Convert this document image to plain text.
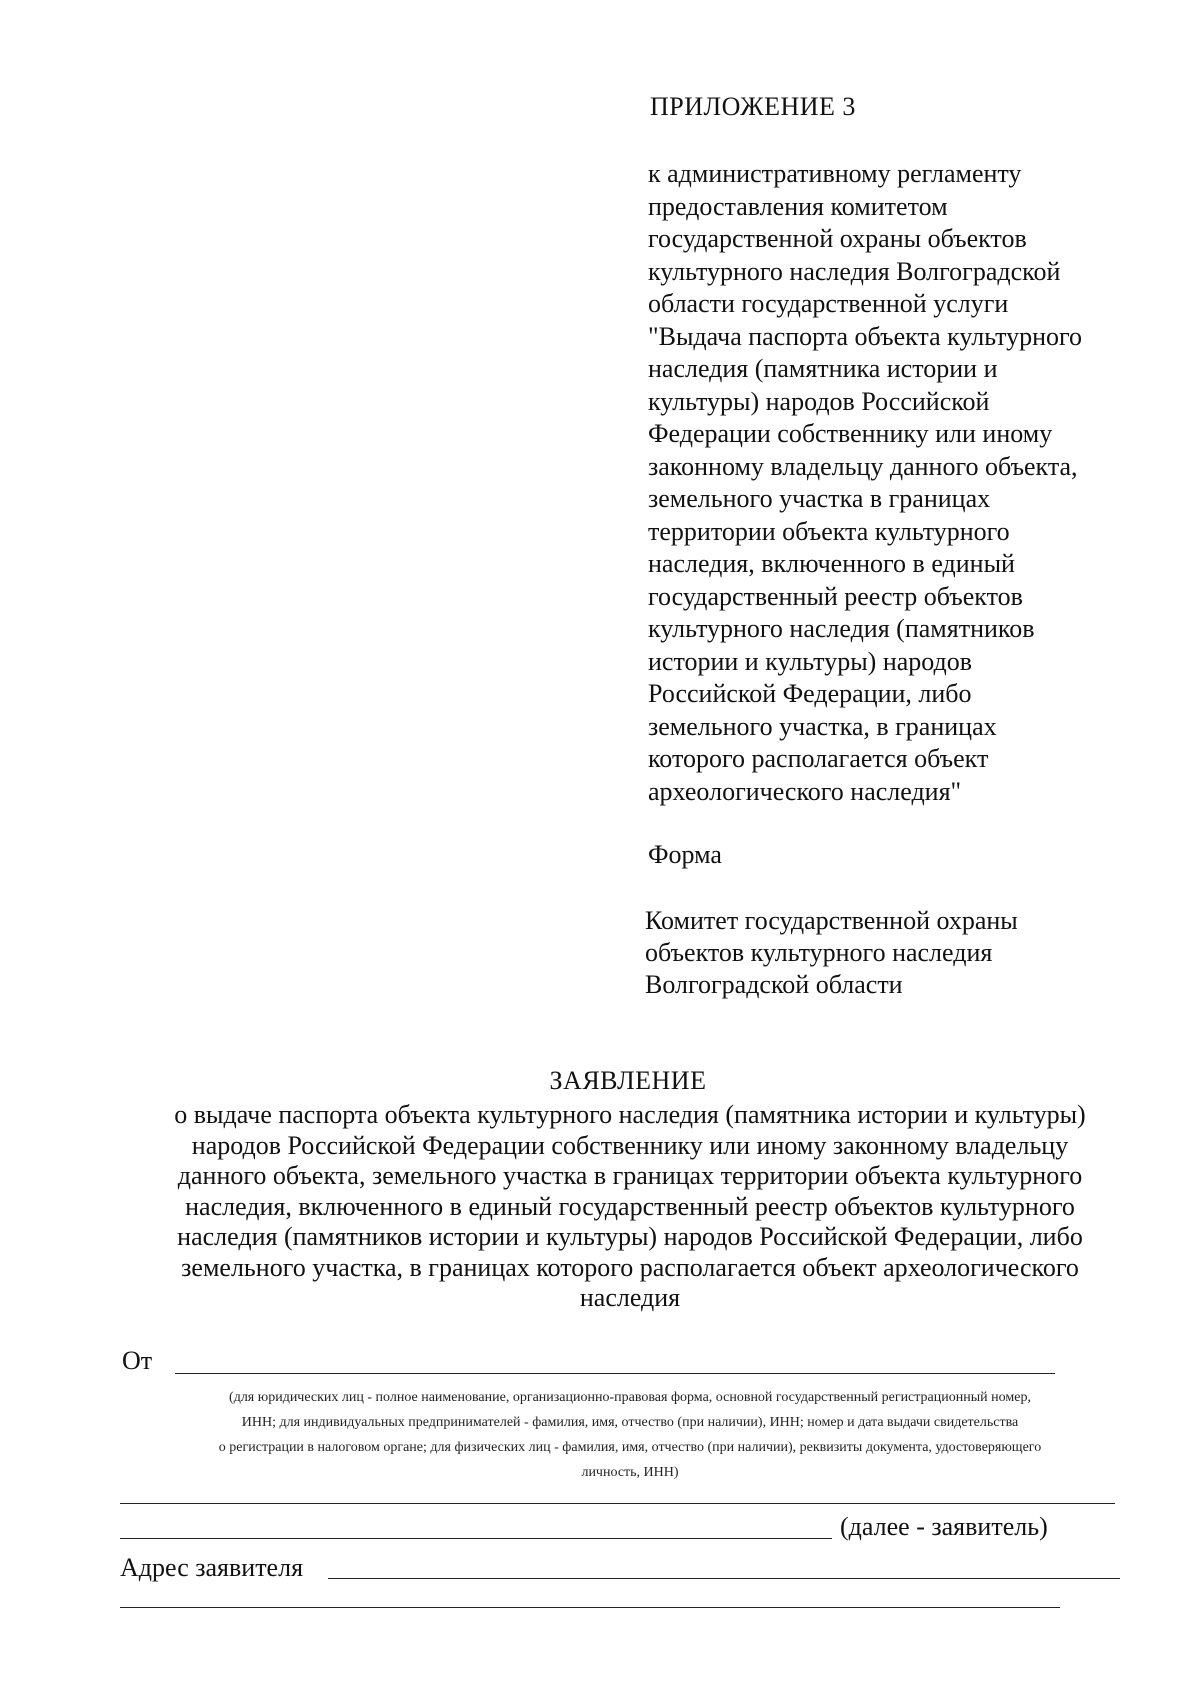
ПРИЛОЖЕНИЕ 3
к административному регламенту
предоставления комитетом
государственной охраны объектов
культурного наследия Волгоградской
области государственной услуги
"Выдача паспорта объекта культурного
наследия (памятника истории и
культуры) народов Российской
Федерации собственнику или иному
законному владельцу данного объекта,
земельного участка в границах
территории объекта культурного
наследия, включенного в единый
государственный реестр объектов
культурного наследия (памятников
истории и культуры) народов
Российской Федерации, либо
земельного участка, в границах
которого располагается объект
археологического наследия"
Форма
Комитет государственной охраны
объектов культурного наследия
Волгоградской области
ЗАЯВЛЕНИЕ
о выдаче паспорта объекта культурного наследия (памятника истории и культуры)
народов Российской Федерации собственнику или иному законному владельцу
данного объекта, земельного участка в границах территории объекта культурного
наследия, включенного в единый государственный реестр объектов культурного
наследия (памятников истории и культуры) народов Российской Федерации, либо
земельного участка, в границах которого располагается объект археологического
наследия
От
(для юридических лиц - полное наименование, организационно-правовая форма, основной государственный регистрационный номер,
ИНН; для индивидуальных предпринимателей - фамилия, имя, отчество (при наличии), ИНН; номер и дата выдачи свидетельства
о регистрации в налоговом органе; для физических лиц - фамилия, имя, отчество (при наличии), реквизиты документа, удостоверяющего
личность, ИНН)
(далее - заявитель)
Адрес заявителя
